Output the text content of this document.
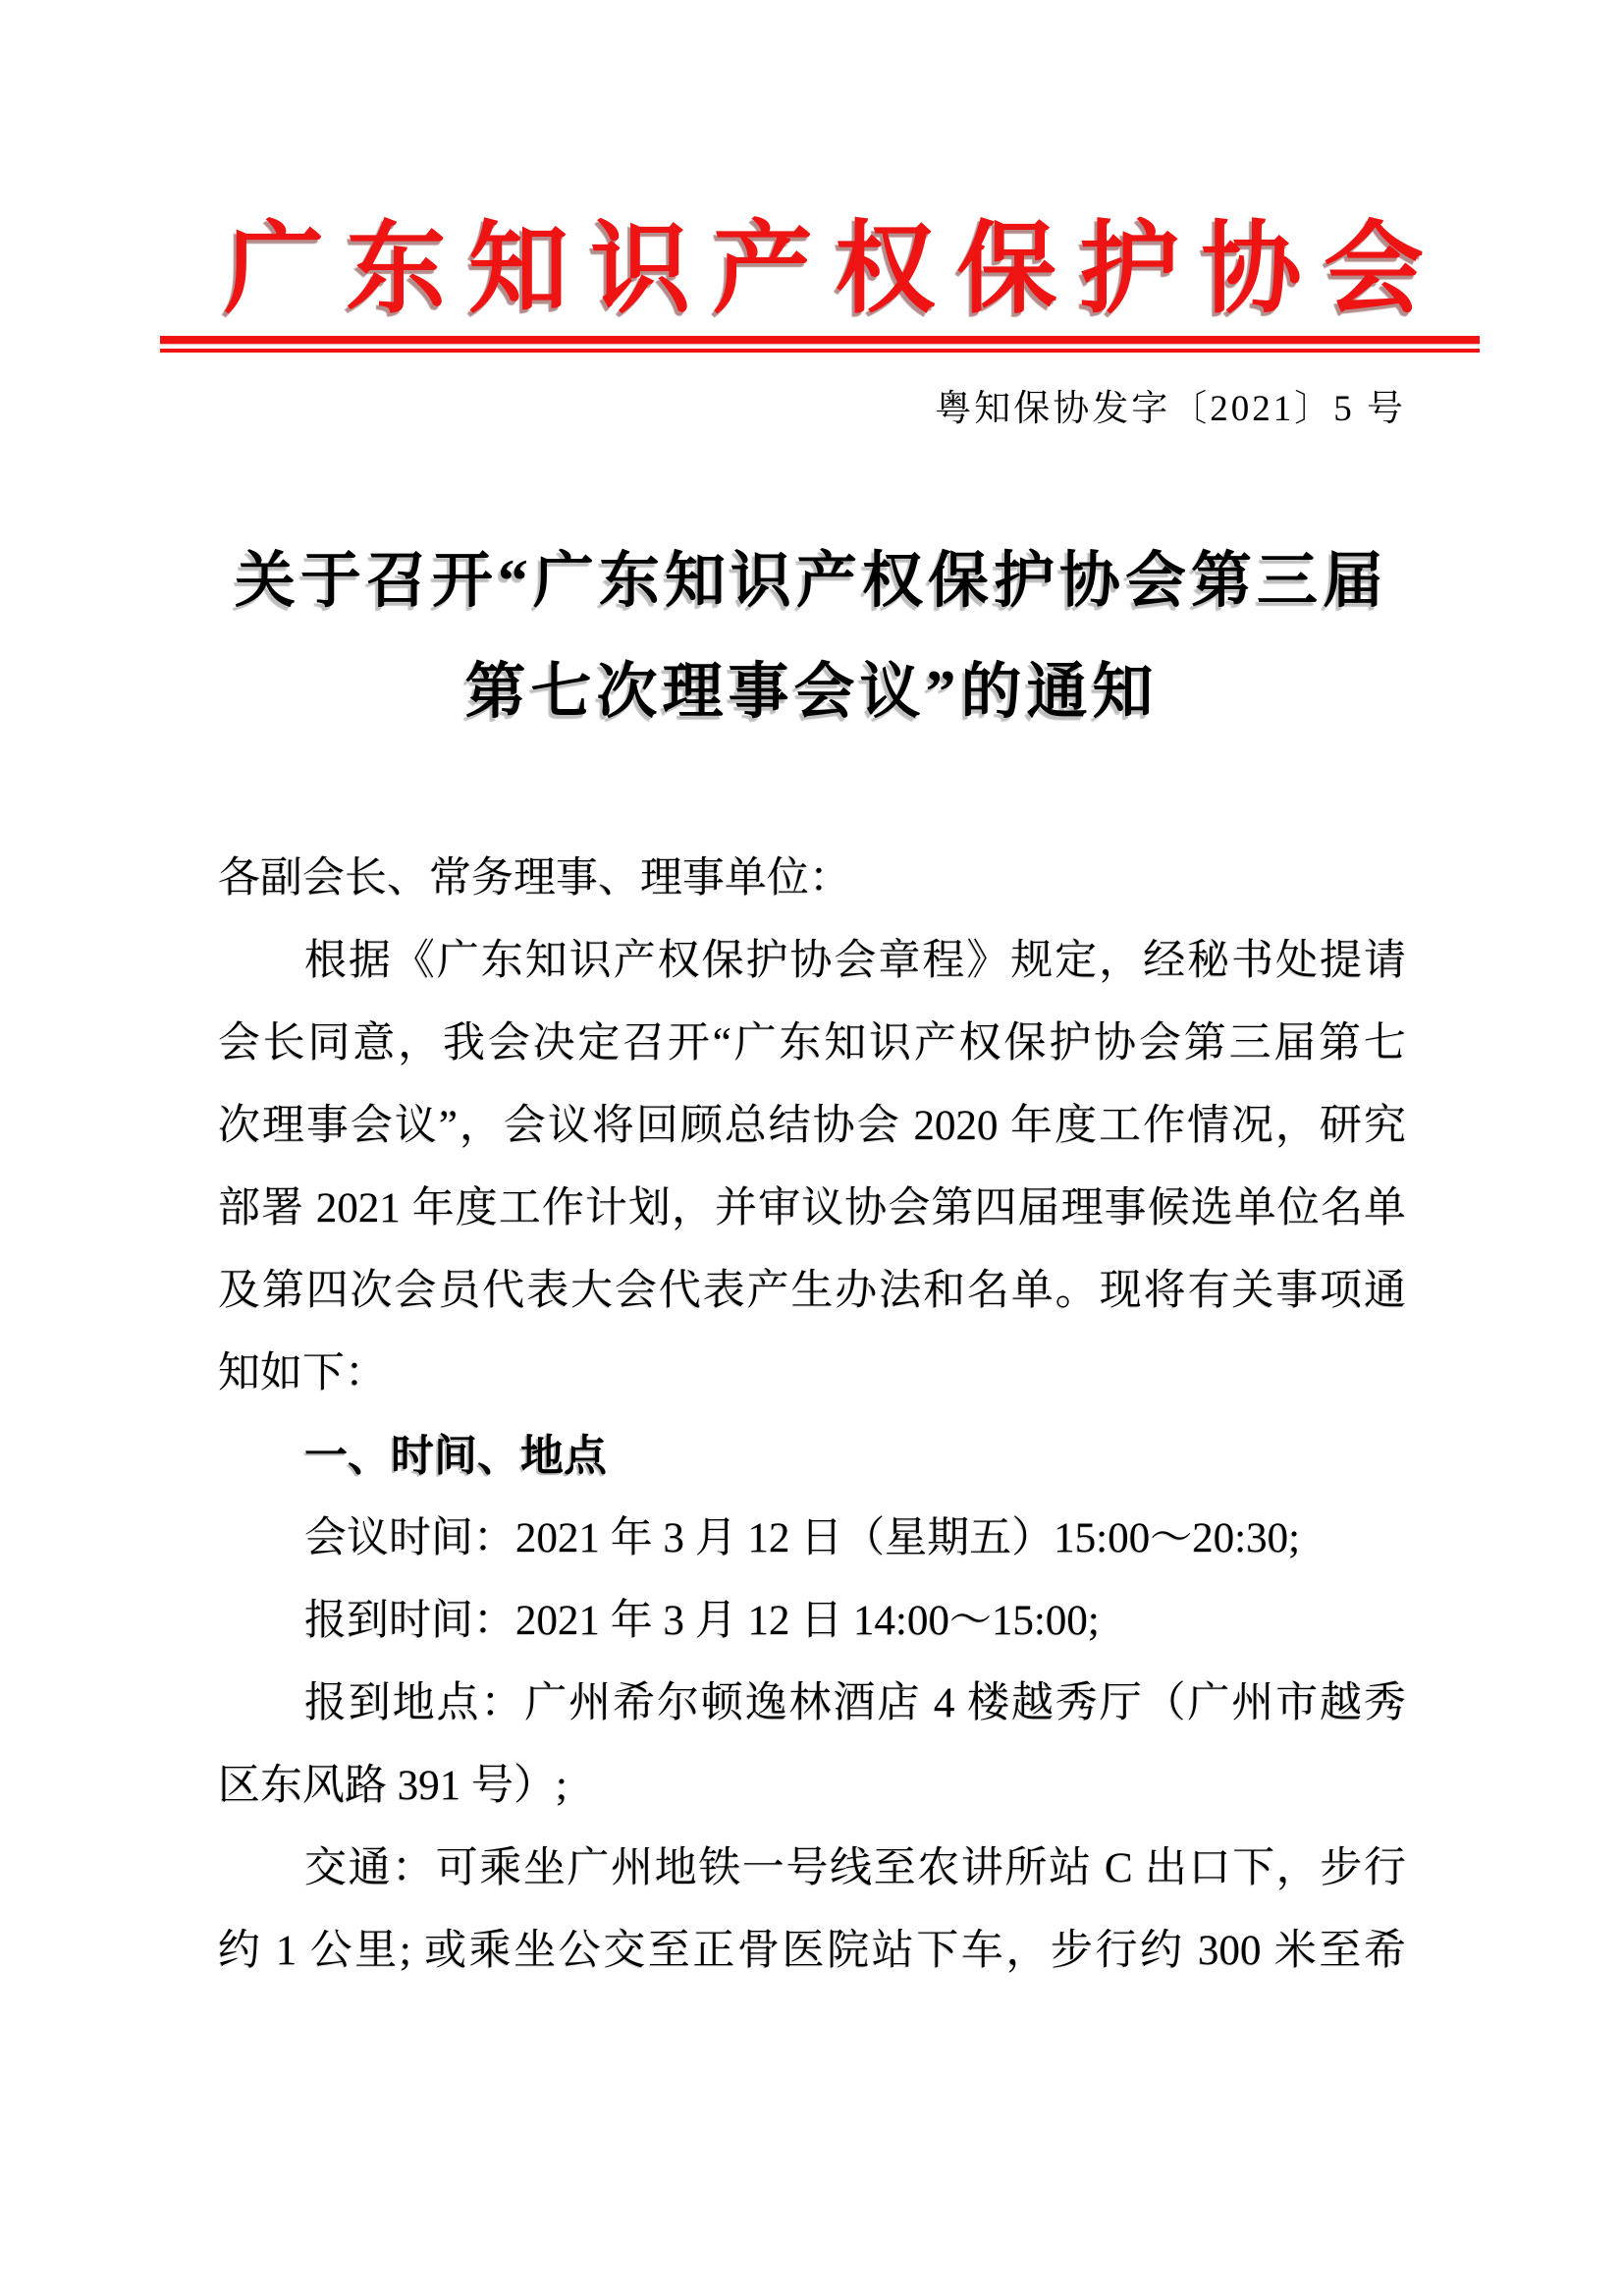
广 东 知 识 产 权 保 护 协 会
粤知保协发字〔2021〕5 号
关于召开“广东知识产权保护协会第三届
第七次理事会议”的通知
各副会长、常务理事、理事单位：
根据《广东知识产权保护协会章程》规定，经秘书处提请
会长同意，我会决定召开“广东知识产权保护协会第三届第七
次理事会议”，会议将回顾总结协会 2020 年度工作情况，研究
部署 2021 年度工作计划，并审议协会第四届理事候选单位名单
及第四次会员代表大会代表产生办法和名单。现将有关事项通
知如下：
一、时间、地点
会议时间：2021 年 3 月 12 日（星期五）15:00～20:30;
报到时间：2021 年 3 月 12 日 14:00～15:00;
报到地点：广州希尔顿逸林酒店 4 楼越秀厅（广州市越秀
区东风路 391 号）;
交通：可乘坐广州地铁一号线至农讲所站 C 出口下，步行
约 1 公里; 或乘坐公交至正骨医院站下车，步行约 300 米至希
